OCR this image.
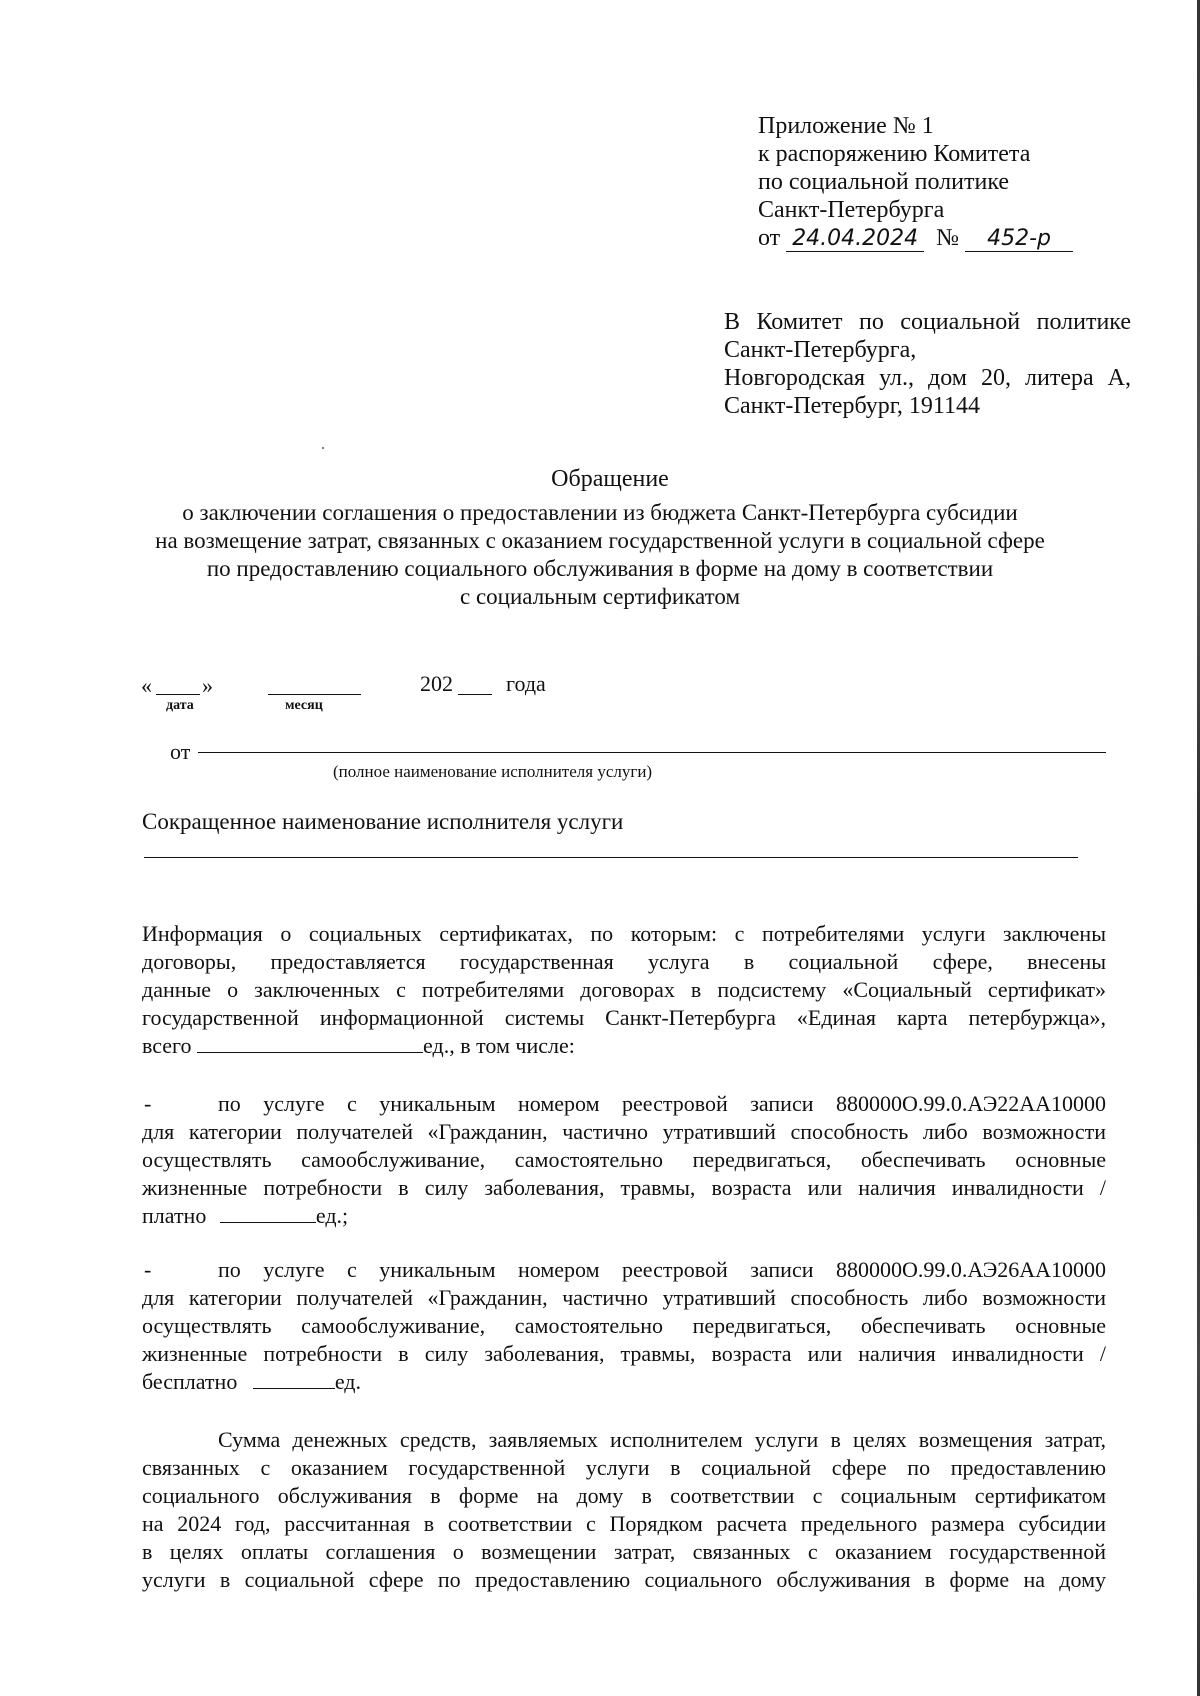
Приложение № 1
к распоряжению Комитета
по социальной политике
Санкт-Петербурга
от 24.04.2024 № 452-р
В Комитет по социальной политике
Санкт-Петербурга,
Новгородская ул., дом 20, литера А,
Санкт-Петербург, 191144
Обращение
о заключении соглашения о предоставлении из бюджета Санкт-Петербурга субсидии
на возмещение затрат, связанных с оказанием государственной услуги в социальной сфере
по предоставлению социального обслуживания в форме на дому в соответствии
с социальным сертификатом
« »	202 года
дата	месяц
от
(полное наименование исполнителя услуги)
Сокращенное наименование исполнителя услуги
Информация о социальных сертификатах, по которым: с потребителями услуги заключены
договоры, предоставляется государственная услуга в социальной сфере, внесены
данные о заключенных с потребителями договорах в подсистему «Социальный сертификат»
государственной информационной системы Санкт-Петербурга «Единая карта петербуржца»,
всего	ед., в том числе:
-	по услуге с уникальным номером реестровой записи 880000О.99.0.АЭ22АА10000
для категории получателей «Гражданин, частично утративший способность либо возможности
осуществлять самообслуживание, самостоятельно передвигаться, обеспечивать основные
жизненные потребности в силу заболевания, травмы, возраста или наличия инвалидности /
платно	ед.;
-	по услуге с уникальным номером реестровой записи 880000О.99.0.АЭ26АА10000
для категории получателей «Гражданин, частично утративший способность либо возможности
осуществлять самообслуживание, самостоятельно передвигаться, обеспечивать основные
жизненные потребности в силу заболевания, травмы, возраста или наличия инвалидности /
бесплатно	ед.
Сумма денежных средств, заявляемых исполнителем услуги в целях возмещения затрат,
связанных с оказанием государственной услуги в социальной сфере по предоставлению
социального обслуживания в форме на дому в соответствии с социальным сертификатом
на 2024 год, рассчитанная в соответствии с Порядком расчета предельного размера субсидии
в целях оплаты соглашения о возмещении затрат, связанных с оказанием государственной
услуги в социальной сфере по предоставлению социального обслуживания в форме на дому
